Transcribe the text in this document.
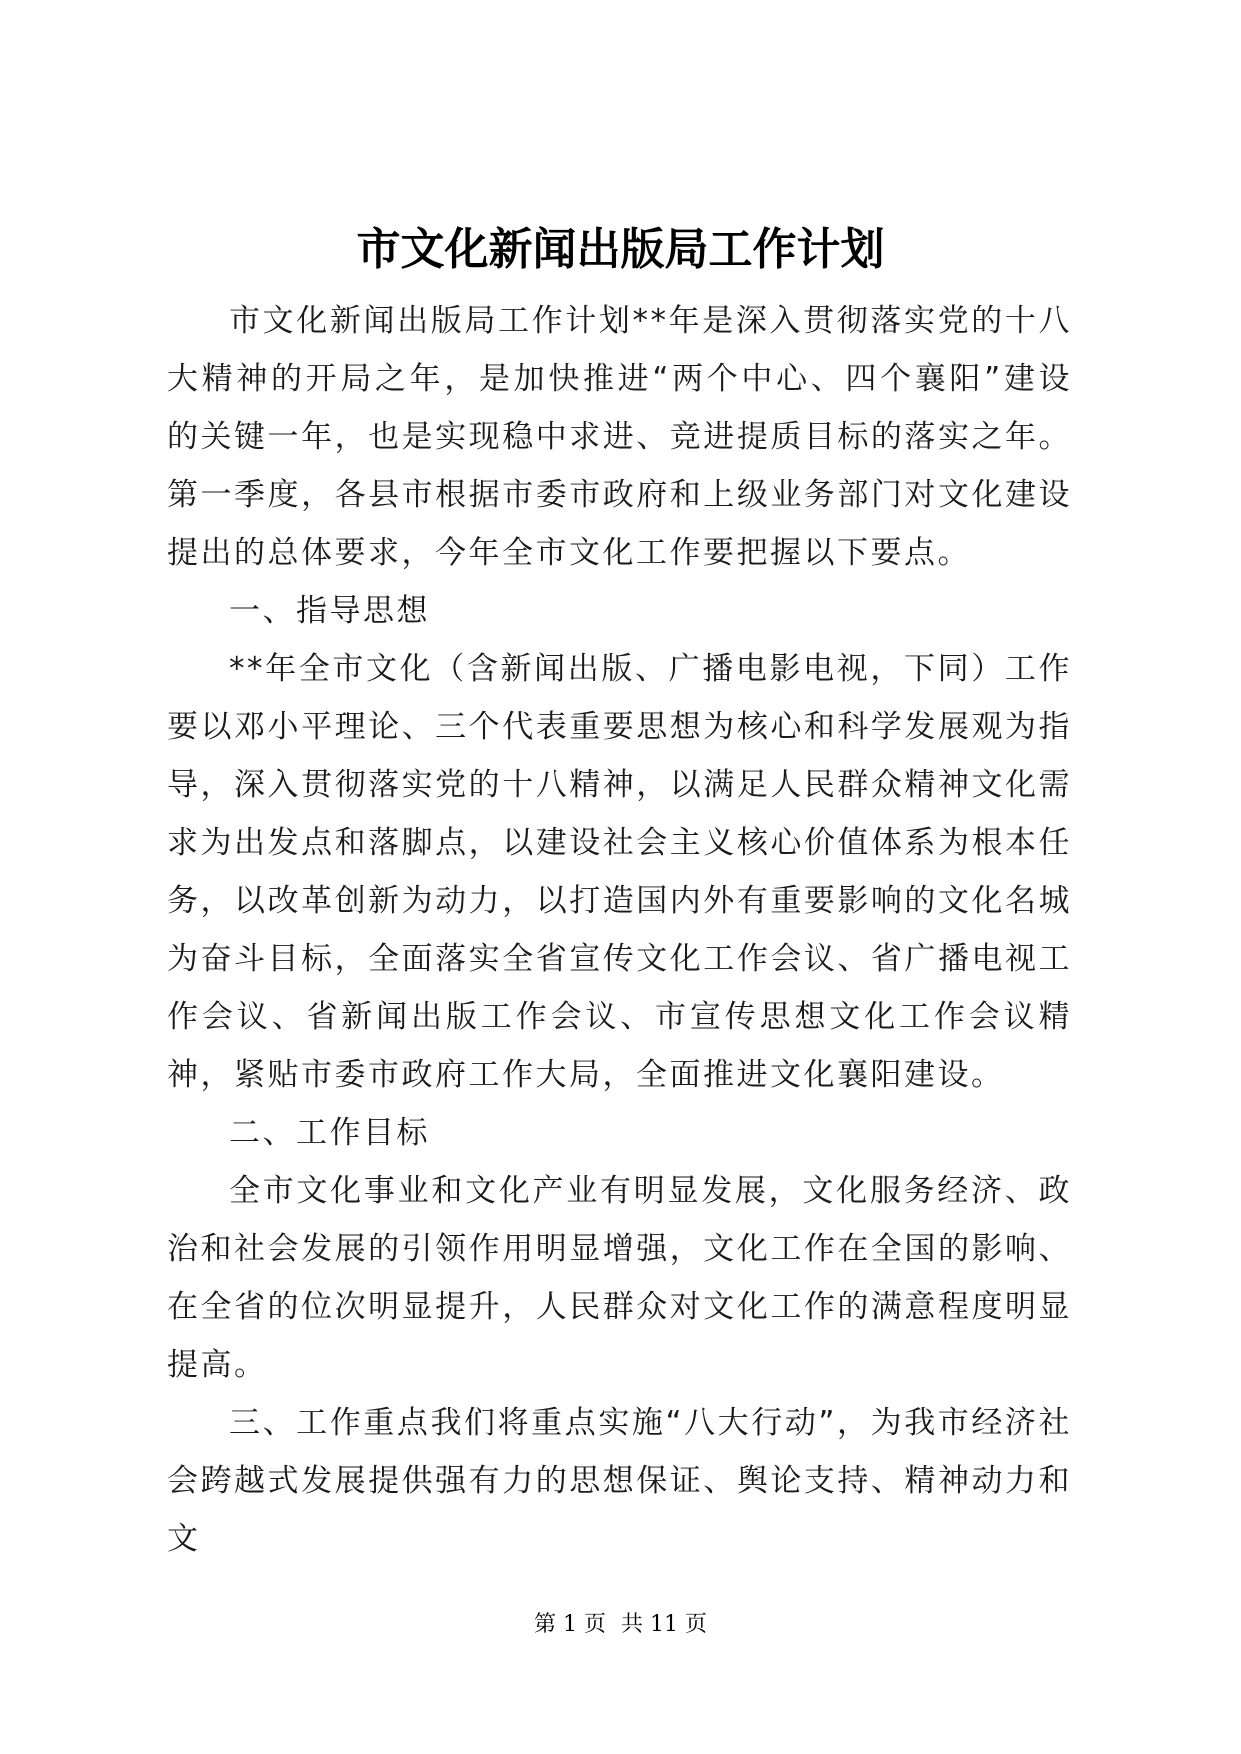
市文化新闻出版局工作计划

市文化新闻出版局工作计划**年是深入贯彻落实党的十八大精神的开局之年，是加快推进“两个中心、四个襄阳”建设的关键一年，也是实现稳中求进、竞进提质目标的落实之年。第一季度，各县市根据市委市政府和上级业务部门对文化建设提出的总体要求，今年全市文化工作要把握以下要点。

一、指导思想

**年全市文化（含新闻出版、广播电影电视，下同）工作要以邓小平理论、三个代表重要思想为核心和科学发展观为指导，深入贯彻落实党的十八精神，以满足人民群众精神文化需求为出发点和落脚点，以建设社会主义核心价值体系为根本任务，以改革创新为动力，以打造国内外有重要影响的文化名城为奋斗目标，全面落实全省宣传文化工作会议、省广播电视工作会议、省新闻出版工作会议、市宣传思想文化工作会议精神，紧贴市委市政府工作大局，全面推进文化襄阳建设。

二、工作目标

全市文化事业和文化产业有明显发展，文化服务经济、政治和社会发展的引领作用明显增强，文化工作在全国的影响、在全省的位次明显提升，人民群众对文化工作的满意程度明显提高。

三、工作重点我们将重点实施“八大行动”，为我市经济社会跨越式发展提供强有力的思想保证、舆论支持、精神动力和文

第 1 页 共 11 页
